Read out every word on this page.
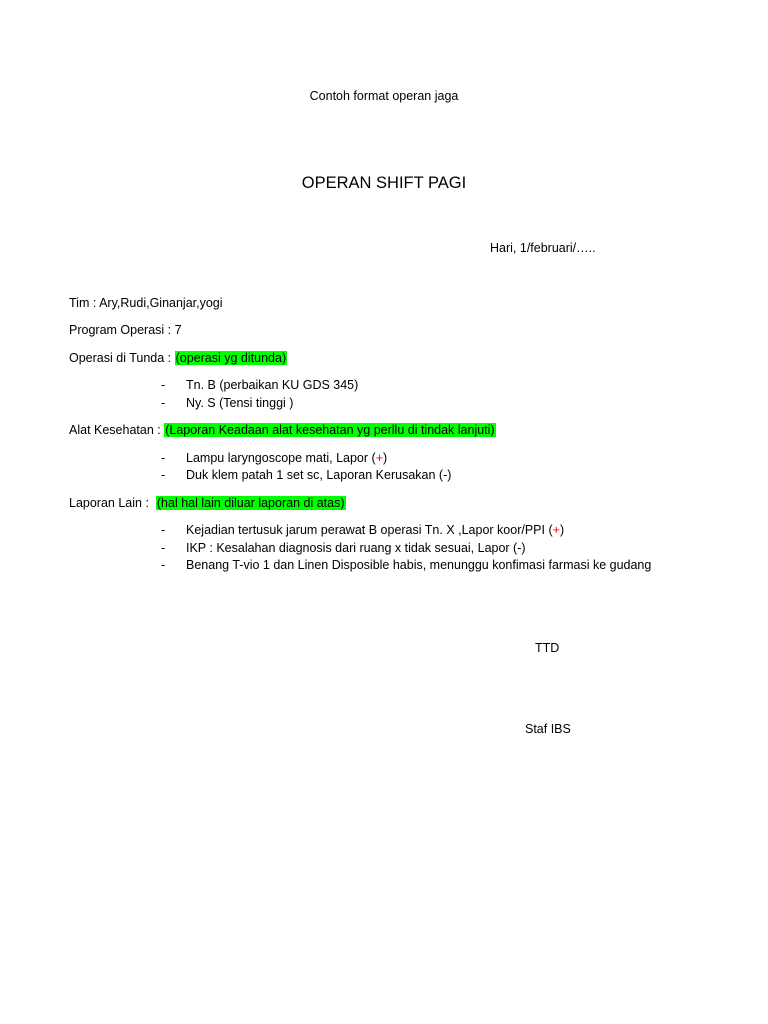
Contoh format operan jaga
OPERAN SHIFT PAGI
Hari, 1/februari/…..
Tim : Ary,Rudi,Ginanjar,yogi
Program Operasi : 7
Operasi di Tunda : (operasi yg ditunda)
- Tn. B (perbaikan KU GDS 345)
- Ny. S (Tensi tinggi )
Alat Kesehatan : (Laporan Keadaan alat kesehatan yg perllu di tindak lanjuti)
- Lampu laryngoscope mati, Lapor (+)
- Duk klem patah 1 set sc, Laporan Kerusakan (-)
Laporan Lain :  (hal hal lain diluar laporan di atas)
- Kejadian tertusuk jarum perawat B operasi Tn. X ,Lapor koor/PPI (+)
- IKP : Kesalahan diagnosis dari ruang x tidak sesuai, Lapor (-)
- Benang T-vio 1 dan Linen Disposible habis, menunggu konfimasi farmasi ke gudang
TTD
Staf IBS
